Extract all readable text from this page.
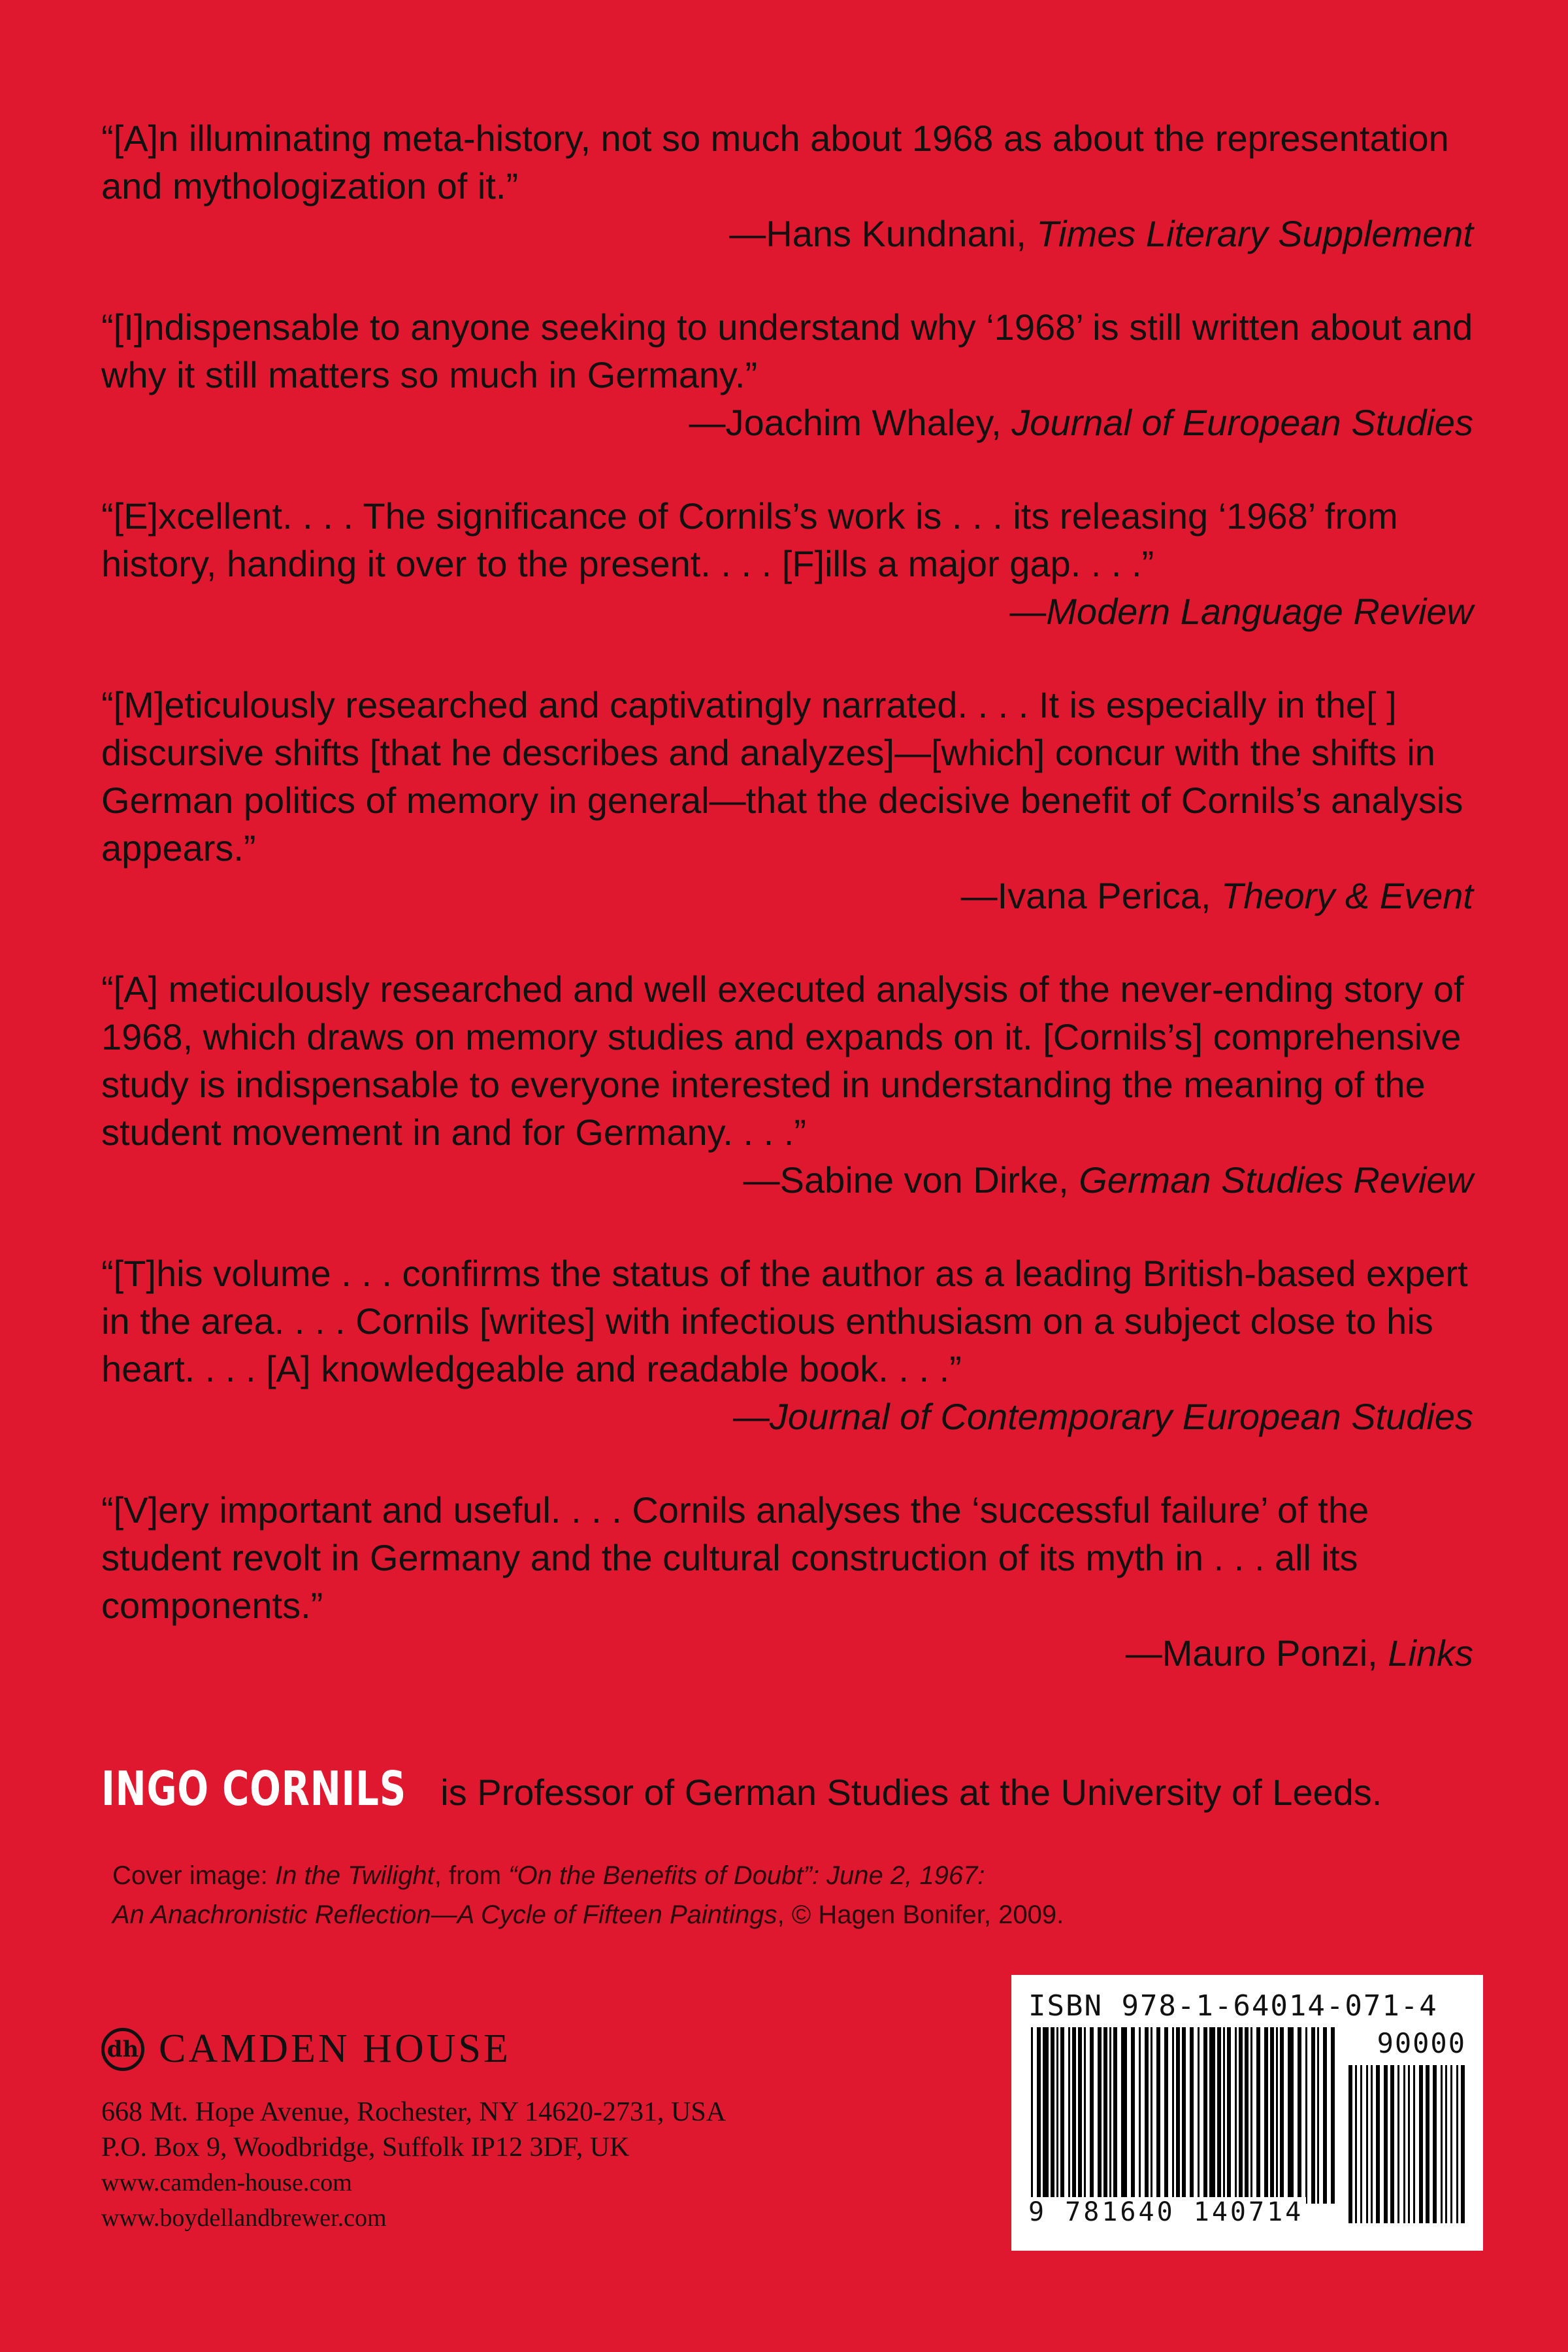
“[A]n illuminating meta-history, not so much about 1968 as about the representation and mythologization of it.”

—Hans Kundnani, Times Literary Supplement

“[I]ndispensable to anyone seeking to understand why ‘1968’ is still written about and why it still matters so much in Germany.”

—Joachim Whaley, Journal of European Studies

“[E]xcellent. . . . The significance of Cornils’s work is . . . its releasing ‘1968’ from history, handing it over to the present. . . . [F]ills a major gap. . . .”

—Modern Language Review

“[M]eticulously researched and captivatingly narrated. . . . It is especially in the[ ] discursive shifts [that he describes and analyzes]—[which] concur with the shifts in German politics of memory in general—that the decisive benefit of Cornils’s analysis appears.”

—Ivana Perica, Theory & Event

“[A] meticulously researched and well executed analysis of the never-ending story of 1968, which draws on memory studies and expands on it. [Cornils’s] comprehensive study is indispensable to everyone interested in understanding the meaning of the student movement in and for Germany. . . .”

—Sabine von Dirke, German Studies Review

“[T]his volume . . . confirms the status of the author as a leading British-based expert in the area. . . . Cornils [writes] with infectious enthusiasm on a subject close to his heart. . . . [A] knowledgeable and readable book. . . .”

—Journal of Contemporary European Studies

“[V]ery important and useful. . . . Cornils analyses the ‘successful failure’ of the student revolt in Germany and the cultural construction of its myth in . . . all its components.”

—Mauro Ponzi, Links

INGO CORNILS is Professor of German Studies at the University of Leeds.
Cover image: In the Twilight, from “On the Benefits of Doubt”: June 2, 1967:
An Anachronistic Reflection—A Cycle of Fifteen Paintings, © Hagen Bonifer, 2009.
dh CAMDEN HOUSE
668 Mt. Hope Avenue, Rochester, NY 14620-2731, USA
P.O. Box 9, Woodbridge, Suffolk IP12 3DF, UK
www.camden-house.com
www.boydellandbrewer.com
ISBN 978-1-64014-071-4
90000
9 781640 140714
